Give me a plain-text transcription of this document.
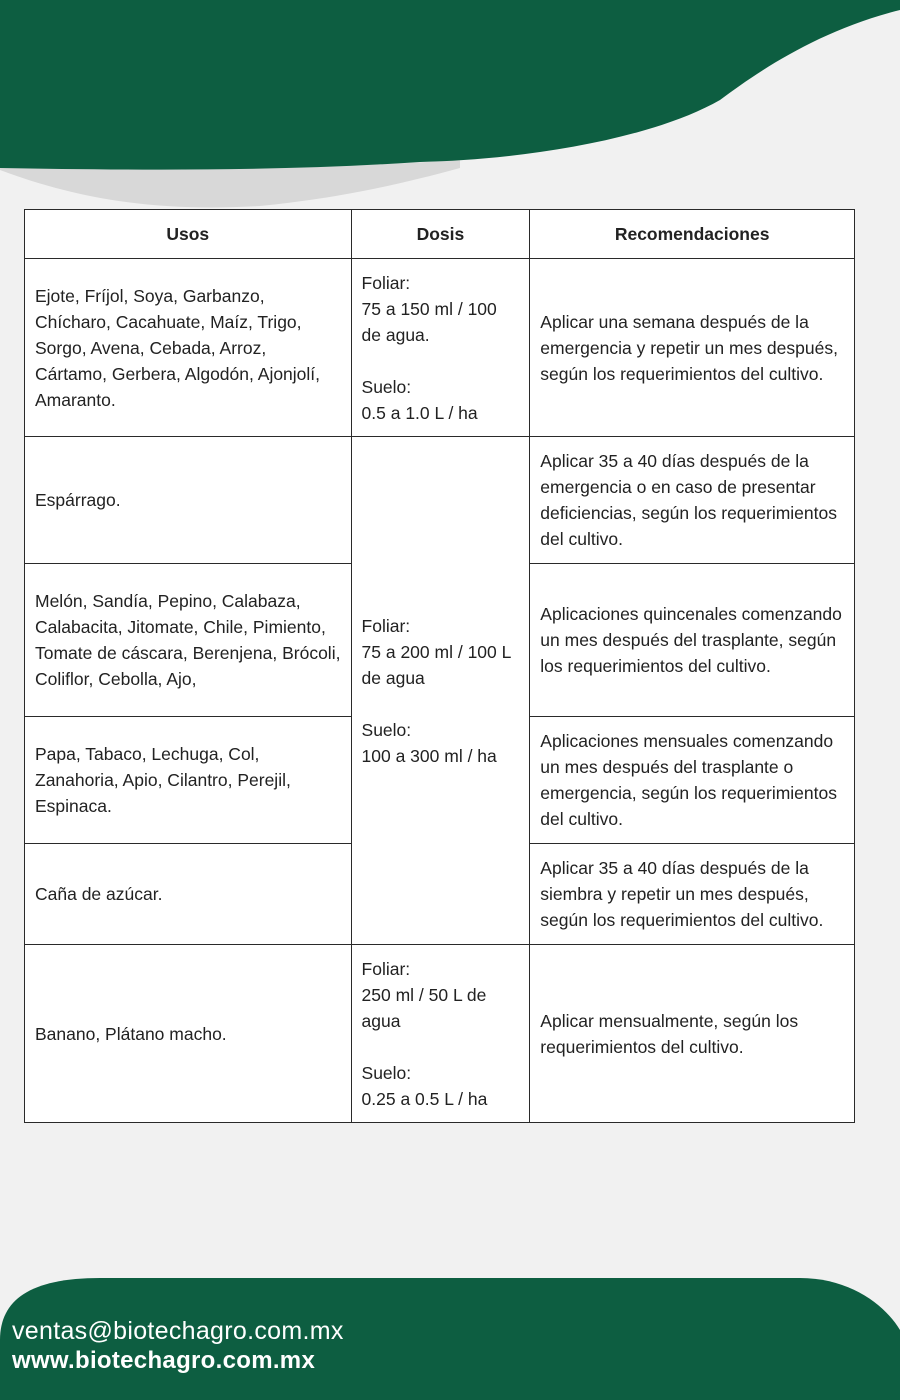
Usos	Dosis	Recomendaciones
Ejote, Fríjol, Soya, Garbanzo, Chícharo, Cacahuate, Maíz, Trigo, Sorgo, Avena, Cebada, Arroz, Cártamo, Gerbera, Algodón, Ajonjolí, Amaranto.	Foliar:
75 a 150 ml / 100 de agua.

Suelo:
0.5 a 1.0 L / ha	Aplicar una semana después de la emergencia y repetir un mes después, según los requerimientos del cultivo.
Espárrago.	Foliar:
75 a 200 ml / 100 L de agua

Suelo:
100 a 300 ml / ha	Aplicar 35 a 40 días después de la emergencia o en caso de presentar deficiencias, según los requerimientos del cultivo.
Melón, Sandía, Pepino, Calabaza, Calabacita, Jitomate, Chile, Pimiento, Tomate de cáscara, Berenjena, Brócoli, Coliflor, Cebolla, Ajo,		Aplicaciones quincenales comenzando un mes después del trasplante, según los requerimientos del cultivo.
Papa, Tabaco, Lechuga, Col, Zanahoria, Apio, Cilantro, Perejil, Espinaca.		Aplicaciones mensuales comenzando un mes después del trasplante o emergencia, según los requerimientos del cultivo.
Caña de azúcar.		Aplicar 35 a 40 días después de la siembra y repetir un mes después, según los requerimientos del cultivo.
Banano, Plátano macho.	Foliar:
250 ml / 50 L de agua

Suelo:
0.25 a 0.5 L / ha	Aplicar mensualmente, según los requerimientos del cultivo.
ventas@biotechagro.com.mx
www.biotechagro.com.mx
